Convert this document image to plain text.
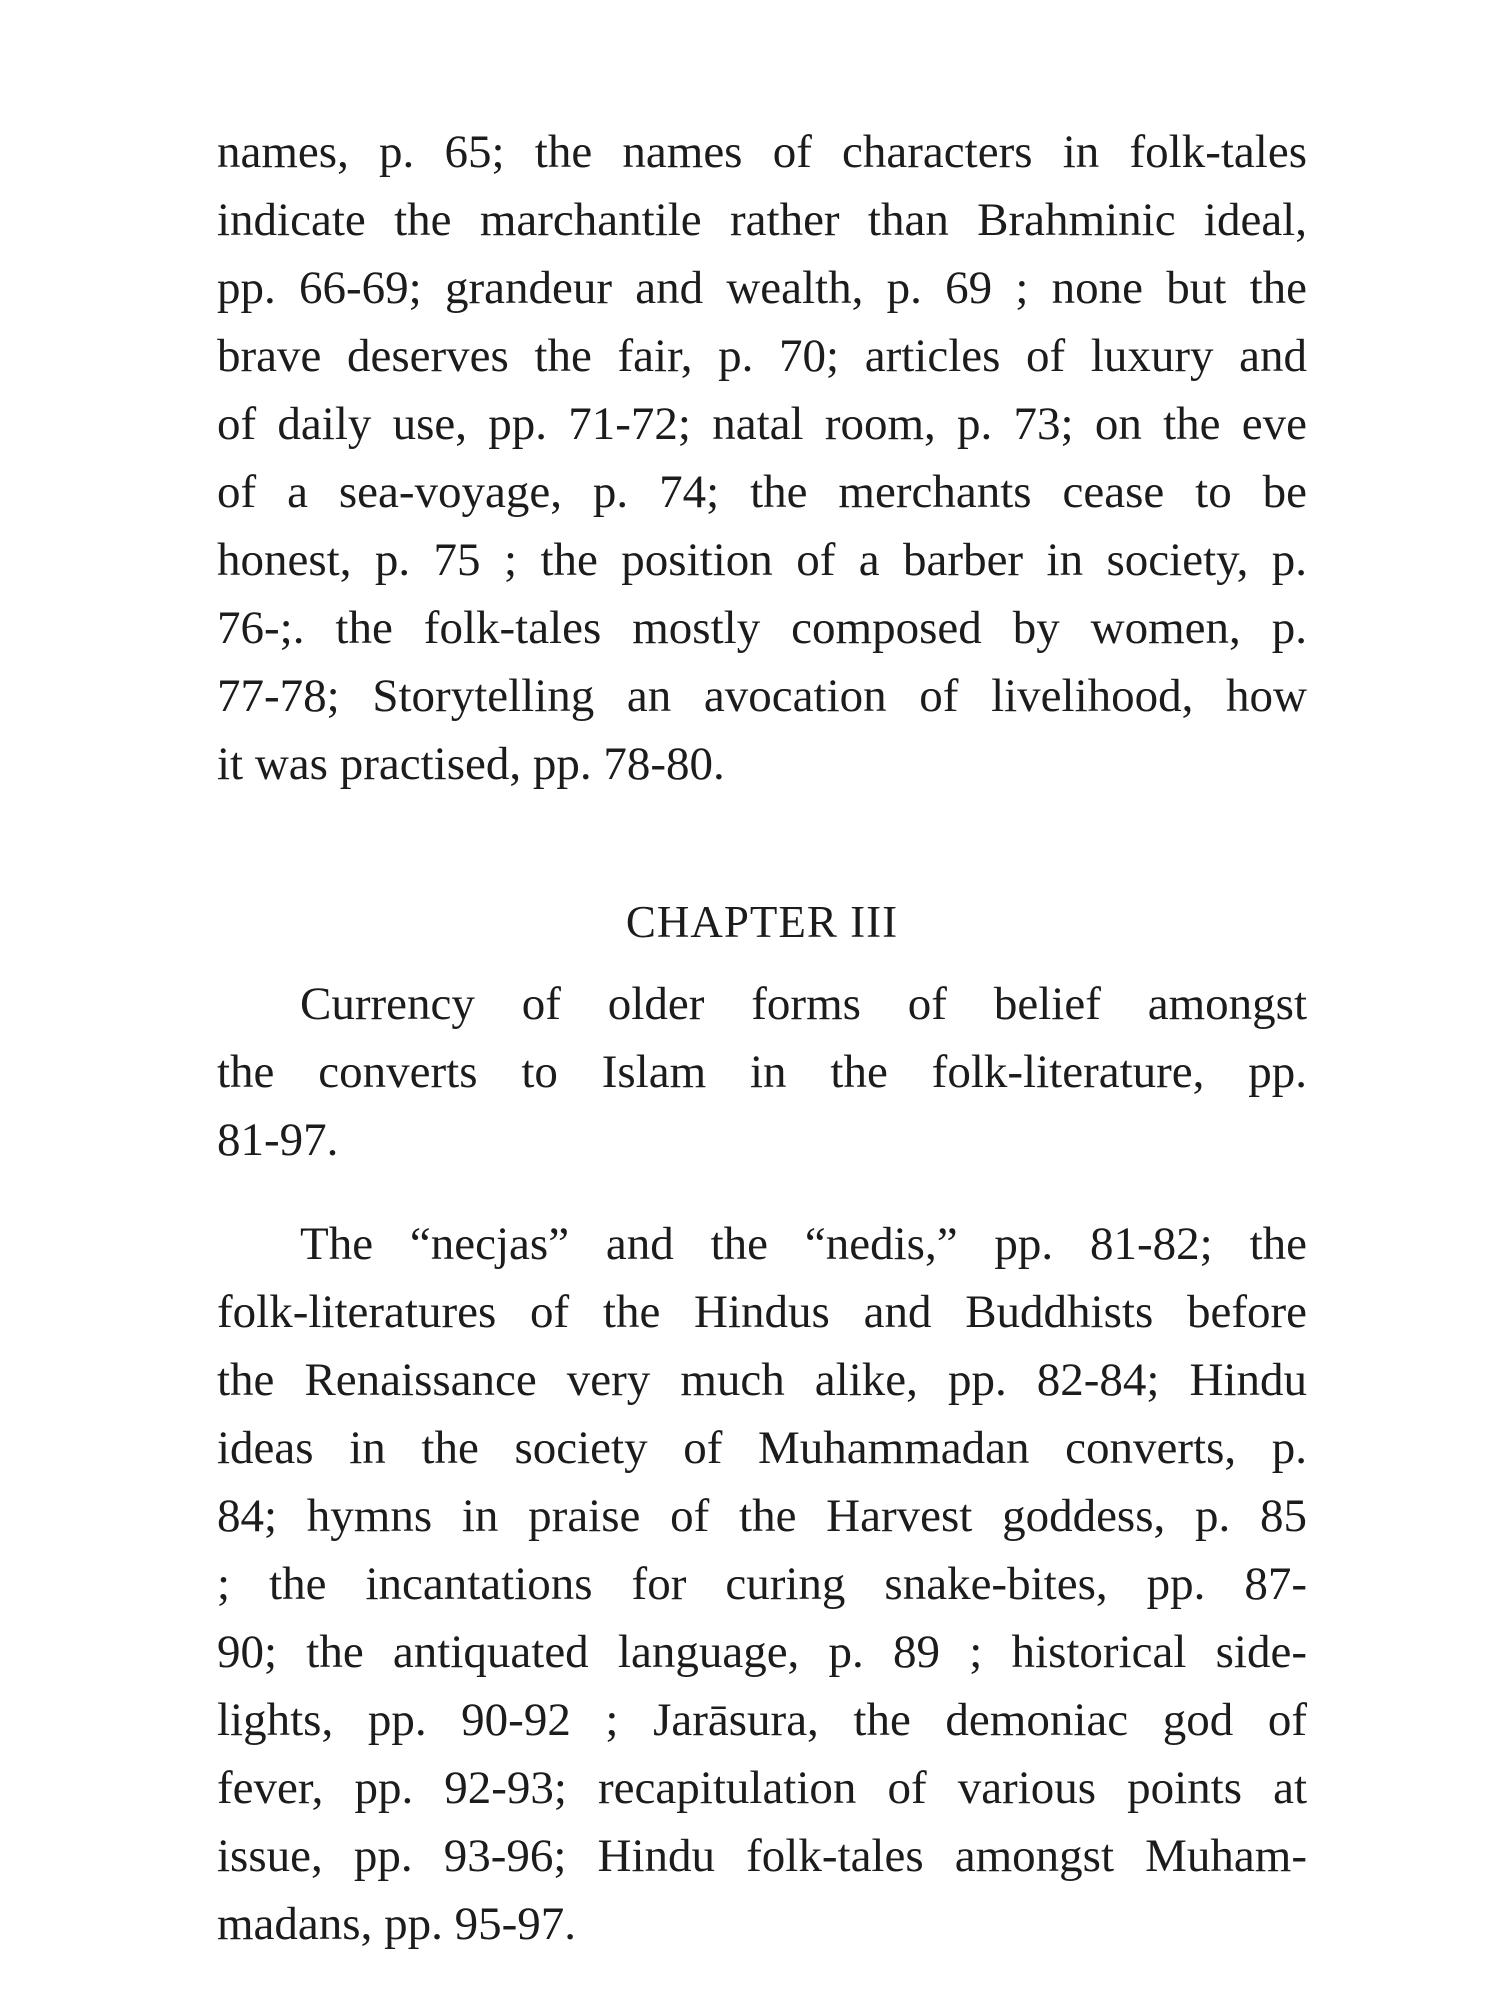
names, p. 65; the names of characters in folk-tales
indicate the marchantile rather than Brahminic ideal,
pp. 66-69; grandeur and wealth, p. 69 ; none but the
brave deserves the fair, p. 70; articles of luxury and
of daily use, pp. 71-72; natal room, p. 73; on the eve
of a sea-voyage, p. 74; the merchants cease to be
honest, p. 75 ; the position of a barber in society, p.
76-;. the folk-tales mostly composed by women, p.
77-78; Storytelling an avocation of livelihood, how
it was practised, pp. 78-80.
CHAPTER III
Currency of older forms of belief amongst
the converts to Islam in the folk-literature, pp.
81-97.
The “necjas” and the “nedis,” pp. 81-82; the
folk-literatures of the Hindus and Buddhists before
the Renaissance very much alike, pp. 82-84; Hindu
ideas in the society of Muhammadan converts, p.
84; hymns in praise of the Harvest goddess, p. 85
; the incantations for curing snake-bites, pp. 87-
90; the antiquated language, p. 89 ; historical side-
lights, pp. 90-92 ; Jarāsura, the demoniac god of
fever, pp. 92-93; recapitulation of various points at
issue, pp. 93-96; Hindu folk-tales amongst Muham-
madans, pp. 95-97.
